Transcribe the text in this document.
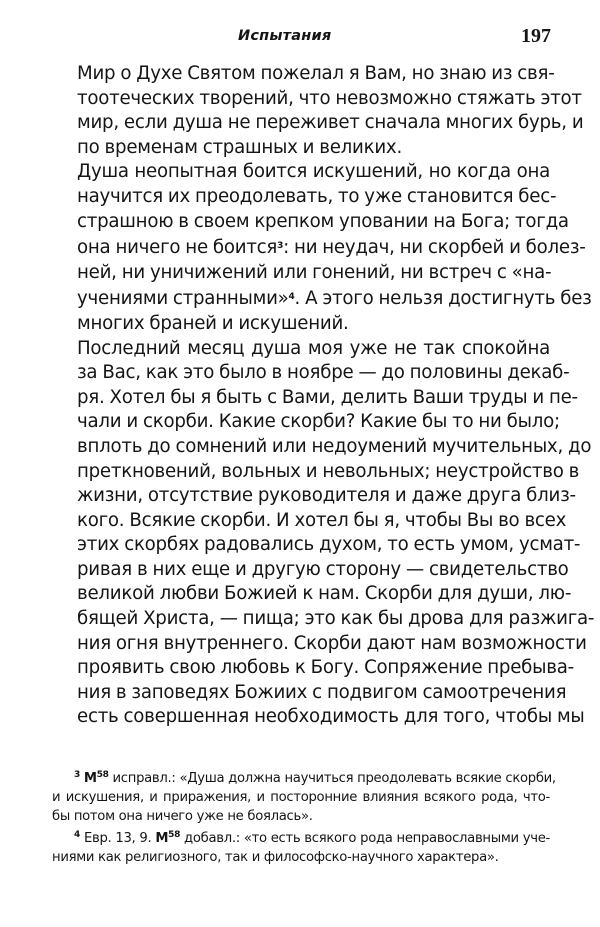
Испытания	197

Мир о Духе Святом пожелал я Вам, но знаю из свя-
тоотеческих творений, что невозможно стяжать этот
мир, если душа не переживет сначала многих бурь, и
по временам страшных и великих.

Душа неопытная боится искушений, но когда она
научится их преодолевать, то уже становится бес-
страшною в своем крепком уповании на Бога; тогда
она ничего не боится$^3$: ни неудач, ни скорбей и болез-
ней, ни уничижений или гонений, ни встреч с «на-
учениями странными»$^4$. А этого нельзя достигнуть без
многих браней и искушений.

Последний месяц душа моя уже не так спокойна
за Вас, как это было в ноябре — до половины декаб-
ря. Хотел бы я быть с Вами, делить Ваши труды и пе-
чали и скорби. Какие скорби? Какие бы то ни было;
вплоть до сомнений или недоумений мучительных, до
преткновений, вольных и невольных; неустройство в
жизни, отсутствие руководителя и даже друга близ-
кого. Всякие скорби. И хотел бы я, чтобы Вы во всех
этих скорбях радовались духом, то есть умом, усмат-
ривая в них еще и другую сторону — свидетельство
великой любви Божией к нам. Скорби для души, лю-
бящей Христа, — пища; это как бы дрова для разжига-
ния огня внутреннего. Скорби дают нам возможности
проявить свою любовь к Богу. Сопряжение пребыва-
ния в заповедях Божиих с подвигом самоотречения
есть совершенная необходимость для того, чтобы мы

$^3$ $М^{58}$ исправл.: «Душа должна научиться преодолевать всякие скорби,
и искушения, и приражения, и посторонние влияния всякого рода, что-
бы потом она ничего уже не боялась».
$^4$ Евр. 13, 9. $М^{58}$ добавл.: «то есть всякого рода неправославными уче-
ниями как религиозного, так и философско-научного характера».
